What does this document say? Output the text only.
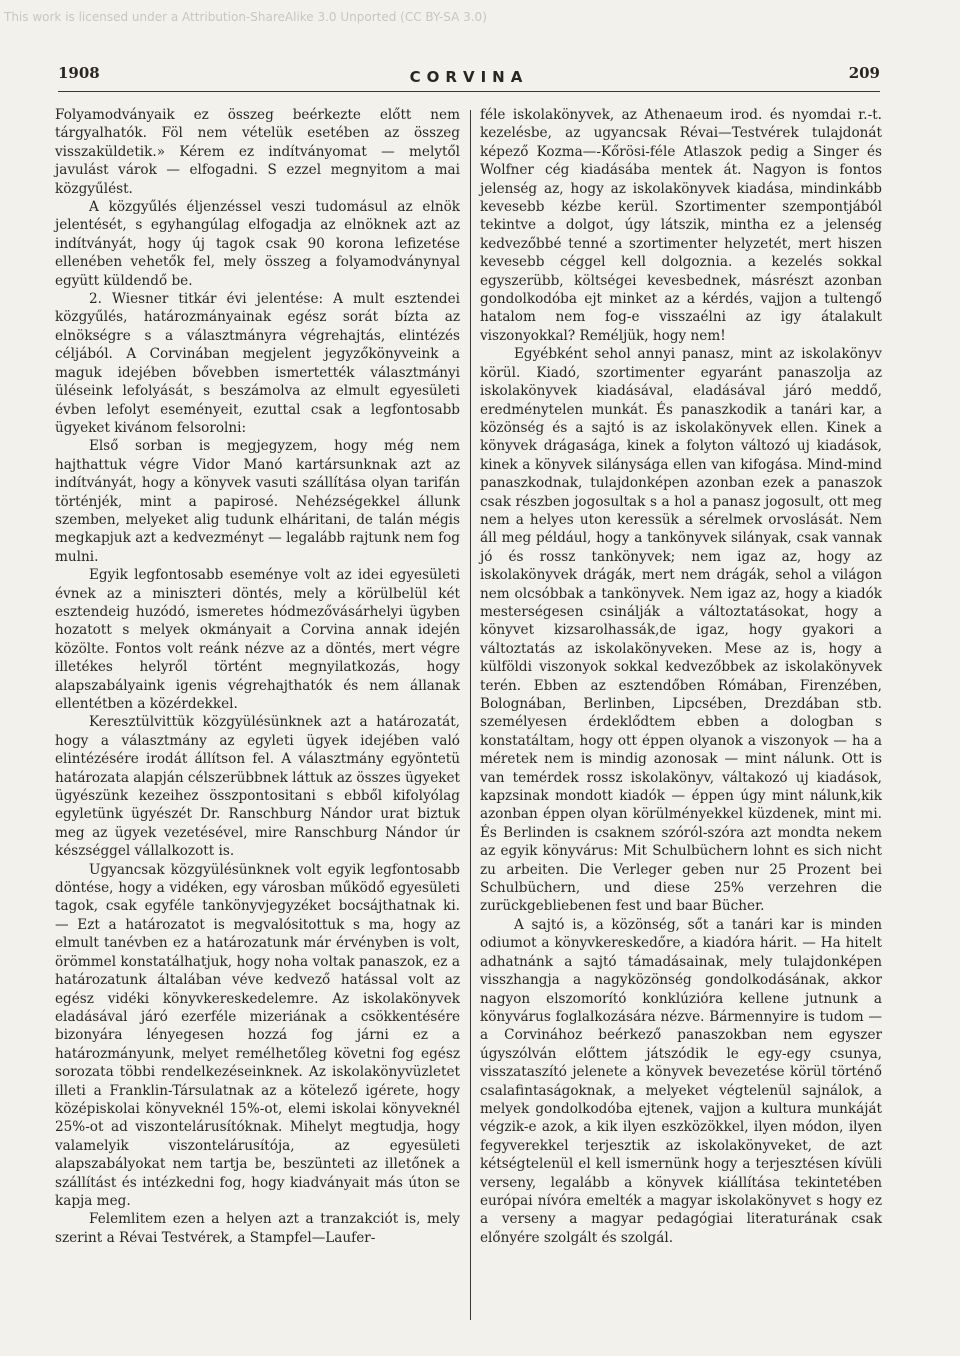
This work is licensed under a Attribution-ShareAlike 3.0 Unported (CC BY-SA 3.0)
1908	CORVINA	209

Folyamodványaik ez összeg beérkezte előtt nem tárgyalhatók. Föl nem vételük esetében az összeg visszaküldetik.» Kérem ez indítványomat — melytől javulást várok — elfogadni. S ezzel megnyitom a mai közgyűlést.

A közgyűlés éljenzéssel veszi tudomásul az elnök jelentését, s egyhangúlag elfogadja az elnöknek azt az indítványát, hogy új tagok csak 90 korona lefizetése ellenében vehetők fel, mely összeg a folyamodványnyal együtt küldendő be.

2. Wiesner titkár évi jelentése: A mult esztendei közgyűlés, határozmányainak egész sorát bízta az elnökségre s a választmányra végrehajtás, elintézés céljából. A Corvinában megjelent jegyzőkönyveink a maguk idejében bővebben ismertették választmányi üléseink lefolyását, s beszámolva az elmult egyesületi évben lefolyt eseményeit, ezuttal csak a legfontosabb ügyeket kivánom felsorolni:

Első sorban is megjegyzem, hogy még nem hajthattuk végre Vidor Manó kartársunknak azt az indítványát, hogy a könyvek vasuti szállítása olyan tarifán történjék, mint a papirosé. Nehézségekkel állunk szemben, melyeket alig tudunk elháritani, de talán mégis megkapjuk azt a kedvezményt — legalább rajtunk nem fog mulni.

Egyik legfontosabb eseménye volt az idei egyesületi évnek az a miniszteri döntés, mely a körülbelül két esztendeig huzódó, ismeretes hódmezővásárhelyi ügyben hozatott s melyek okmányait a Corvina annak idején közölte. Fontos volt reánk nézve az a döntés, mert végre illetékes helyről történt megnyilatkozás, hogy alapszabályaink igenis végrehajthatók és nem állanak ellentétben a közérdekkel.

Keresztülvittük közgyülésünknek azt a határozatát, hogy a választmány az egyleti ügyek idejében való elintézésére irodát állítson fel. A választmány egyöntetü határozata alapján célszerübbnek láttuk az összes ügyeket ügyészünk kezeihez összpontositani s ebből kifolyólag egyletünk ügyészét Dr. Ranschburg Nándor urat biztuk meg az ügyek vezetésével, mire Ranschburg Nándor úr készséggel vállalkozott is.

Ugyancsak közgyülésünknek volt egyik legfontosabb döntése, hogy a vidéken, egy városban működő egyesületi tagok, csak egyféle tankönyvjegyzéket bocsájthatnak ki. — Ezt a határozatot is megvalósitottuk s ma, hogy az elmult tanévben ez a határozatunk már érvényben is volt, örömmel konstatálhatjuk, hogy noha voltak panaszok, ez a határozatunk általában véve kedvező hatással volt az egész vidéki könyvkereskedelemre. Az iskolakönyvek eladásával járó ezerféle mizeriának a csökkentésére bizonyára lényegesen hozzá fog járni ez a határozmányunk, melyet remélhetőleg követni fog egész sorozata többi rendelkezéseinknek. Az iskolakönyvüzletet illeti a Franklin-Társulatnak az a kötelező igérete, hogy középiskolai könyveknél 15%-ot, elemi iskolai könyveknél 25%-ot ad viszontelárusítóknak. Mihelyt megtudja, hogy valamelyik viszontelárusítója, az egyesületi alapszabályokat nem tartja be, beszünteti az illetőnek a szállítást és intézkedni fog, hogy kiadványait más úton se kapja meg.

Felemlitem ezen a helyen azt a tranzakciót is, mely szerint a Révai Testvérek, a Stampfel—Laufer-

féle iskolakönyvek, az Athenaeum irod. és nyomdai r.-t. kezelésbe, az ugyancsak Révai—Testvérek tulajdonát képező Kozma—-Kőrösi-féle Atlaszok pedig a Singer és Wolfner cég kiadásába mentek át. Nagyon is fontos jelenség az, hogy az iskolakönyvek kiadása, mindinkább kevesebb kézbe kerül. Szortimenter szempontjából tekintve a dolgot, úgy látszik, mintha ez a jelenség kedvezőbbé tenné a szortimenter helyzetét, mert hiszen kevesebb céggel kell dolgoznia. a kezelés sokkal egyszerübb, költségei kevesbednek, másrészt azonban gondolkodóba ejt minket az a kérdés, vajjon a tultengő hatalom nem fog-e visszaélni az igy átalakult viszonyokkal? Reméljük, hogy nem!

Egyébként sehol annyi panasz, mint az iskolakönyv körül. Kiadó, szortimenter egyaránt panaszolja az iskolakönyvek kiadásával, eladásával járó meddő, eredménytelen munkát. És panaszkodik a tanári kar, a közönség és a sajtó is az iskolakönyvek ellen. Kinek a könyvek drágasága, kinek a folyton változó uj kiadások, kinek a könyvek silánysága ellen van kifogása. Mind-mind panaszkodnak, tulajdonképen azonban ezek a panaszok csak részben jogosultak s a hol a panasz jogosult, ott meg nem a helyes uton keressük a sérelmek orvoslását. Nem áll meg például, hogy a tankönyvek silányak, csak vannak jó és rossz tankönyvek; nem igaz az, hogy az iskolakönyvek drágák, mert nem drágák, sehol a világon nem olcsóbbak a tankönyvek. Nem igaz az, hogy a kiadók mesterségesen csinálják a változtatásokat, hogy a könyvet kizsarolhassák,de igaz, hogy gyakori a változtatás az iskolakönyveken. Mese az is, hogy a külföldi viszonyok sokkal kedvezőbbek az iskolakönyvek terén. Ebben az esztendőben Rómában, Firenzében, Bolognában, Berlinben, Lipcsében, Drezdában stb. személyesen érdeklődtem ebben a dologban s konstatáltam, hogy ott éppen olyanok a viszonyok — ha a méretek nem is mindig azonosak — mint nálunk. Ott is van temérdek rossz iskolakönyv, váltakozó uj kiadások, kapzsinak mondott kiadók — éppen úgy mint nálunk,kik azonban éppen olyan körülményekkel küzdenek, mint mi. És Berlinden is csaknem szóról-szóra azt mondta nekem az egyik könyvárus: Mit Schulbüchern lohnt es sich nicht zu arbeiten. Die Verleger geben nur 25 Prozent bei Schulbüchern, und diese 25% verzehren die zurückgebliebenen fest und baar Bücher.

A sajtó is, a közönség, sőt a tanári kar is minden odiumot a könyvkereskedőre, a kiadóra hárit. — Ha hitelt adhatnánk a sajtó támadásainak, mely tulajdonképen visszhangja a nagyközönség gondolkodásának, akkor nagyon elszomorító konklúzióra kellene jutnunk a könyvárus foglalkozására nézve. Bármennyire is tudom — a Corvinához beérkező panaszokban nem egyszer úgyszólván előttem játszódik le egy-egy csunya, visszataszító jelenete a könyvek bevezetése körül történő csalafintaságoknak, a melyeket végtelenül sajnálok, a melyek gondolkodóba ejtenek, vajjon a kultura munkáját végzik-e azok, a kik ilyen eszközökkel, ilyen módon, ilyen fegyverekkel terjesztik az iskolakönyveket, de azt kétségtelenül el kell ismernünk hogy a terjesztésen kívüli verseny, legalább a könyvek kiállítása tekintetében európai nívóra emelték a magyar iskolakönyvet s hogy ez a verseny a magyar pedagógiai literaturának csak előnyére szolgált és szolgál.
